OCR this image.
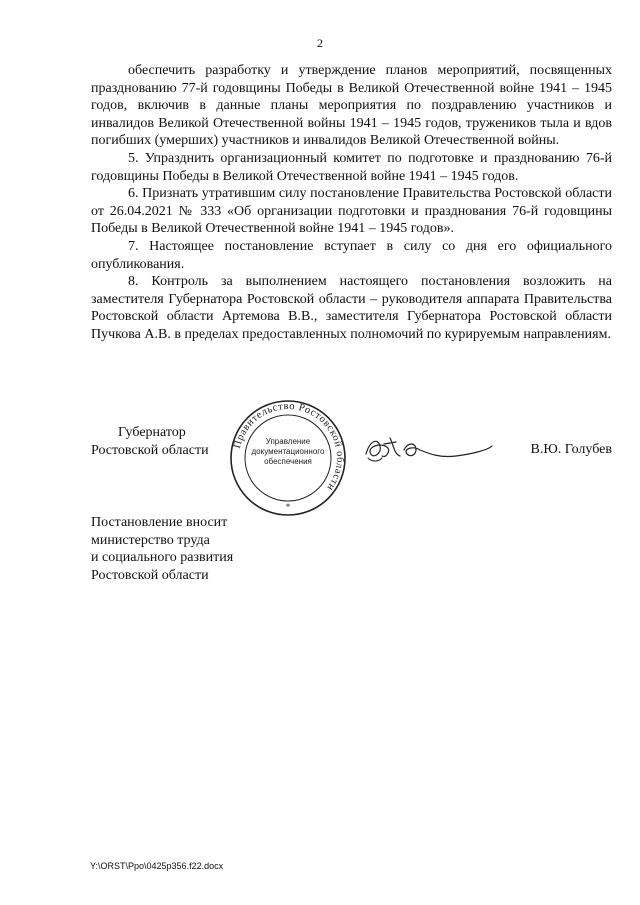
2

обеспечить разработку и утверждение планов мероприятий, посвященных празднованию 77-й годовщины Победы в Великой Отечественной войне 1941 – 1945 годов, включив в данные планы мероприятия по поздравлению участников и инвалидов Великой Отечественной войны 1941 – 1945 годов, тружеников тыла и вдов погибших (умерших) участников и инвалидов Великой Отечественной войны.

5. Упразднить организационный комитет по подготовке и празднованию 76-й годовщины Победы в Великой Отечественной войне 1941 – 1945 годов.

6. Признать утратившим силу постановление Правительства Ростовской области от 26.04.2021 № 333 «Об организации подготовки и празднования 76-й годовщины Победы в Великой Отечественной войне 1941 – 1945 годов».

7. Настоящее постановление вступает в силу со дня его официального опубликования.

8. Контроль за выполнением настоящего постановления возложить на заместителя Губернатора Ростовской области – руководителя аппарата Правительства Ростовской области Артемова В.В., заместителя Губернатора Ростовской области Пучкова А.В. в пределах предоставленных полномочий по курируемым направлениям.

Губернатор
Ростовской области Правительство Ростовской области
Управление
документационного
обеспечения
*
В.Ю. Голубев
Постановление вносит
министерство труда
и социального развития
Ростовской области
Y:\ORST\Ppo\0425p356.f22.docx
